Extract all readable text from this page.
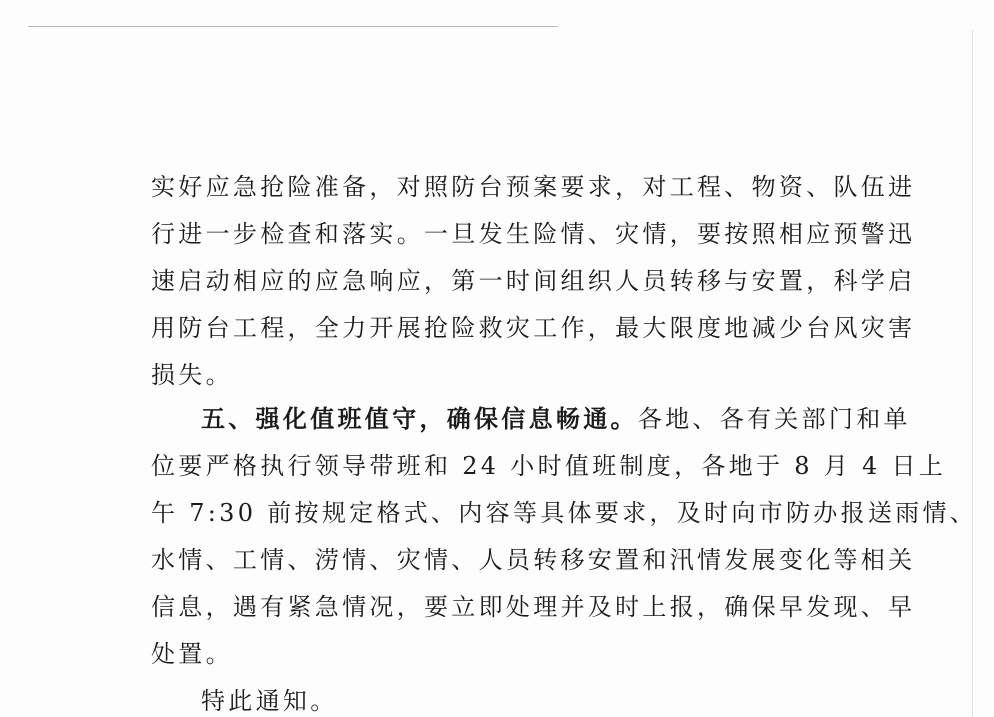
实好应急抢险准备，对照防台预案要求，对工程、物资、队伍进
行进一步检查和落实。一旦发生险情、灾情，要按照相应预警迅
速启动相应的应急响应，第一时间组织人员转移与安置，科学启
用防台工程，全力开展抢险救灾工作，最大限度地减少台风灾害
损失。
五、强化值班值守，确保信息畅通。各地、各有关部门和单
位要严格执行领导带班和 24 小时值班制度，各地于 8 月 4 日上
午 7:30 前按规定格式、内容等具体要求，及时向市防办报送雨情、
水情、工情、涝情、灾情、人员转移安置和汛情发展变化等相关
信息，遇有紧急情况，要立即处理并及时上报，确保早发现、早
处置。
特此通知。
